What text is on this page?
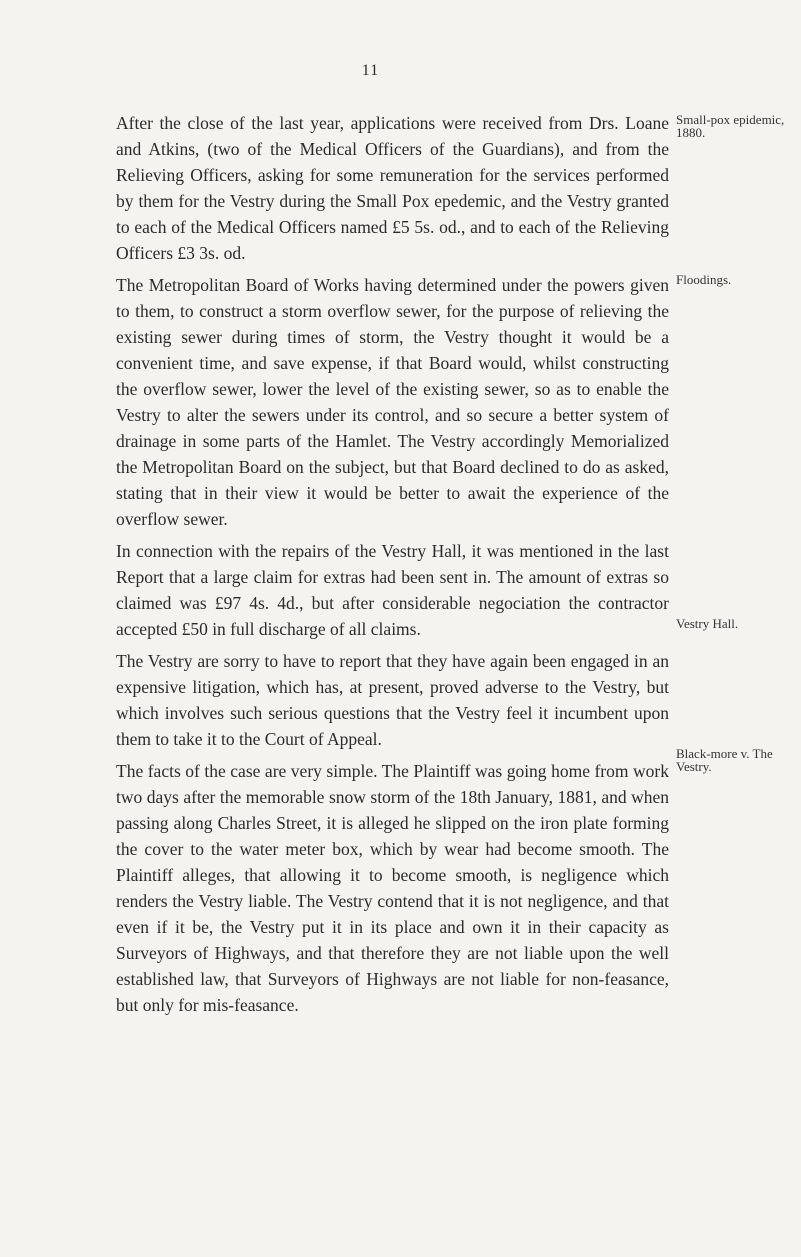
11

After the close of the last year, applications were received from Drs. Loane and Atkins, (two of the Medical Officers of the Guardians), and from the Relieving Officers, asking for some remuneration for the services performed by them for the Vestry during the Small Pox epedemic, and the Vestry granted to each of the Medical Officers named £5 5s. od., and to each of the Relieving Officers £3 3s. od.

The Metropolitan Board of Works having determined under the powers given to them, to construct a storm overflow sewer, for the purpose of relieving the existing sewer during times of storm, the Vestry thought it would be a convenient time, and save expense, if that Board would, whilst constructing the overflow sewer, lower the level of the existing sewer, so as to enable the Vestry to alter the sewers under its control, and so secure a better system of drainage in some parts of the Hamlet. The Vestry accordingly Memorialized the Metropolitan Board on the subject, but that Board declined to do as asked, stating that in their view it would be better to await the experience of the overflow sewer.

In connection with the repairs of the Vestry Hall, it was mentioned in the last Report that a large claim for extras had been sent in. The amount of extras so claimed was £97 4s. 4d., but after considerable negociation the contractor accepted £50 in full discharge of all claims.

The Vestry are sorry to have to report that they have again been engaged in an expensive litigation, which has, at present, proved adverse to the Vestry, but which involves such serious questions that the Vestry feel it incumbent upon them to take it to the Court of Appeal.

The facts of the case are very simple. The Plaintiff was going home from work two days after the memorable snow storm of the 18th January, 1881, and when passing along Charles Street, it is alleged he slipped on the iron plate forming the cover to the water meter box, which by wear had become smooth. The Plaintiff alleges, that allowing it to become smooth, is negligence which renders the Vestry liable. The Vestry contend that it is not negligence, and that even if it be, the Vestry put it in its place and own it in their capacity as Surveyors of Highways, and that therefore they are not liable upon the well established law, that Surveyors of Highways are not liable for non-feasance, but only for mis-feasance.

Small-pox epidemic, 1880.
Floodings.
Vestry Hall.
Black-more v. The Vestry.
